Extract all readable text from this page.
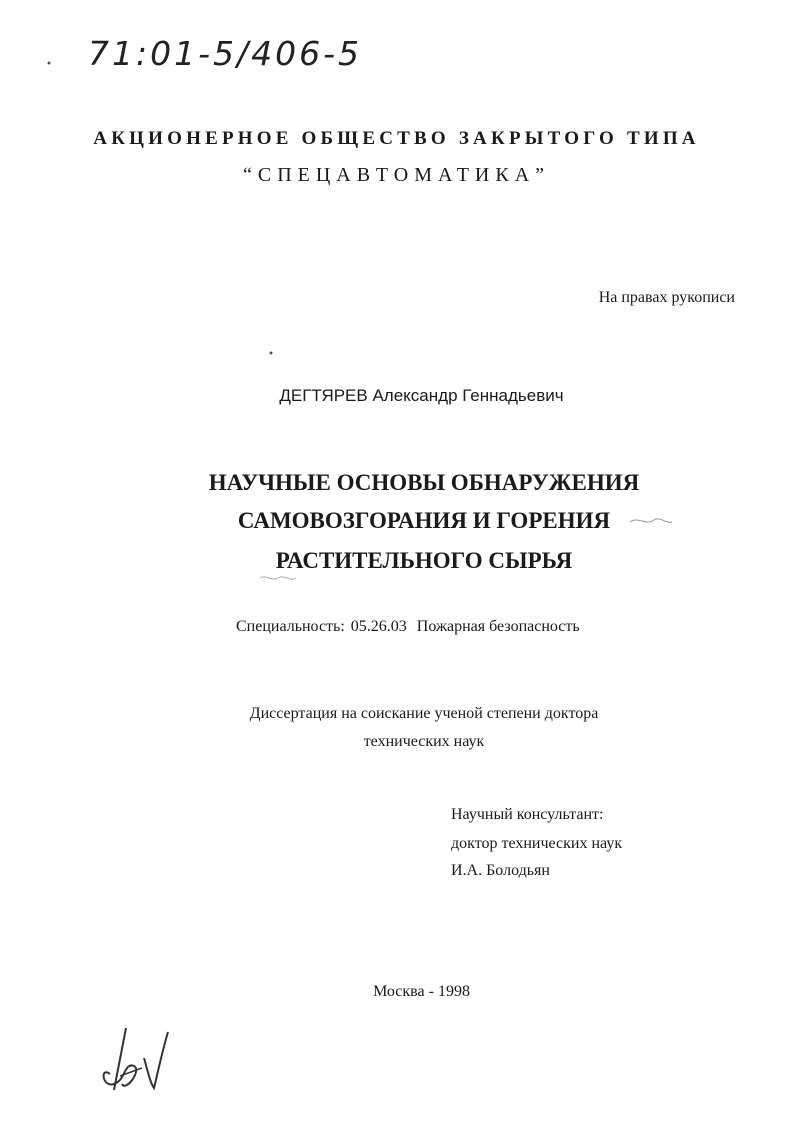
71:01-5/406-5
АКЦИОНЕРНОЕ ОБЩЕСТВО ЗАКРЫТОГО ТИПА
“СПЕЦАВТОМАТИКА”
На правах рукописи
ДЕГТЯРЕВ Александр Геннадьевич
НАУЧНЫЕ ОСНОВЫ ОБНАРУЖЕНИЯ
САМОВОЗГОРАНИЯ И ГОРЕНИЯ
РАСТИТЕЛЬНОГО СЫРЬЯ
Специальность: 05.26.03 Пожарная безопасность
Диссертация на соискание ученой степени доктора
технических наук
Научный консультант:
доктор технических наук
И.А. Болодьян
Москва - 1998
